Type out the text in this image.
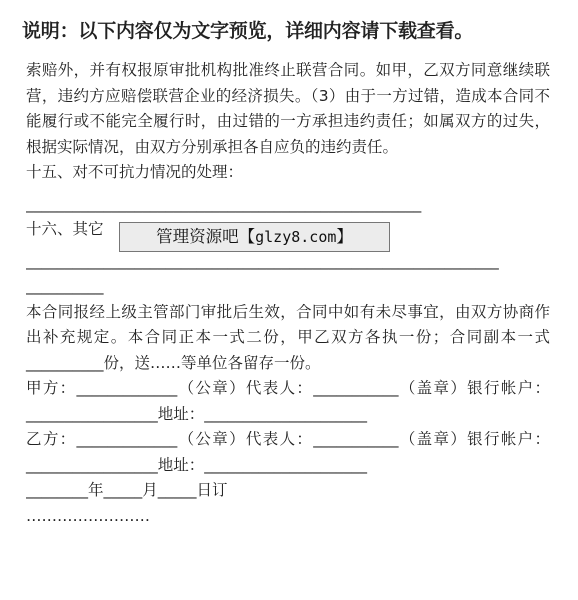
说明：以下内容仅为文字预览，详细内容请下载查看。

索赔外，并有权报原审批机构批准终止联营合同。如甲，乙双方同意继续联营，违约方应赔偿联营企业的经济损失。（3）由于一方过错，造成本合同不能履行或不能完全履行时，由过错的一方承担违约责任；如属双方的过失，根据实际情况，由双方分别承担各自应负的违约责任。

十五、对不可抗力情况的处理：
___________________________________________________
十六、其它
_____________________________________________________________
__________

本合同报经上级主管部门审批后生效，合同中如有未尽事宜，由双方协商作出补充规定。本合同正本一式二份，甲乙双方各执一份；合同副本一式__________份，送……等单位各留存一份。

甲方：_____________（公章）代表人：___________（盖章）银行帐户：_________________地址：_____________________

乙方：_____________（公章）代表人：___________（盖章）银行帐户：_________________地址：_____________________

________年_____月_____日订
……………………
管理资源吧【glzy8.com】
